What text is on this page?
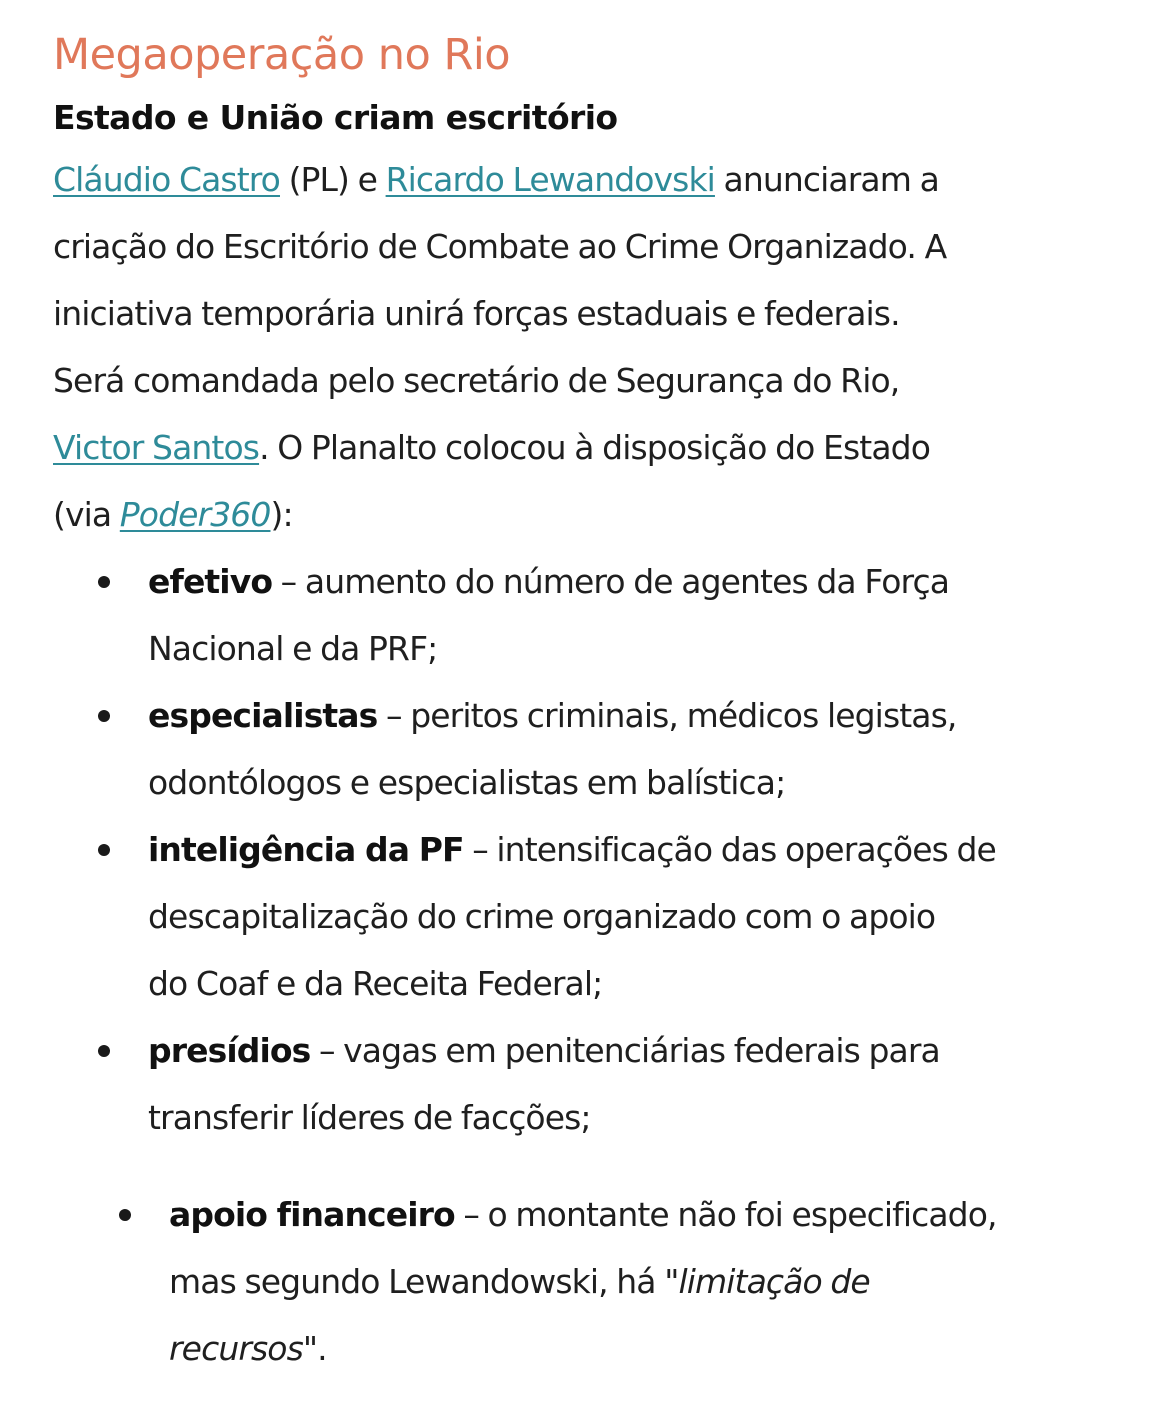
Megaoperação no Rio
Estado e União criam escritório

Cláudio Castro (PL) e Ricardo Lewandovski anunciaram a
criação do Escritório de Combate ao Crime Organizado. A
iniciativa temporária unirá forças estaduais e federais.
Será comandada pelo secretário de Segurança do Rio,
Victor Santos. O Planalto colocou à disposição do Estado
(via Poder360):

efetivo – aumento do número de agentes da Força
Nacional e da PRF;
especialistas – peritos criminais, médicos legistas,
odontólogos e especialistas em balística;
inteligência da PF – intensificação das operações de
descapitalização do crime organizado com o apoio
do Coaf e da Receita Federal;
presídios – vagas em penitenciárias federais para
transferir líderes de facções;
apoio financeiro – o montante não foi especificado,
mas segundo Lewandowski, há "limitação de
recursos".
